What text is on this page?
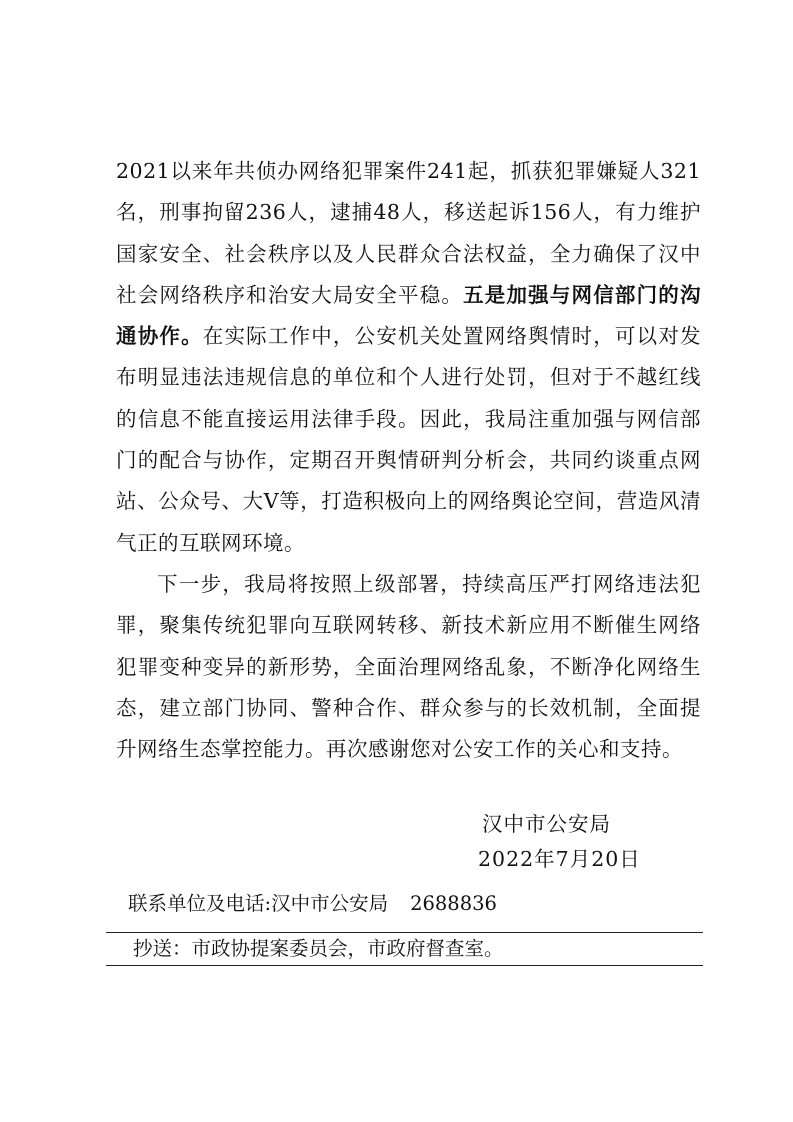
2021以来年共侦办网络犯罪案件241起，抓获犯罪嫌疑人321名，刑事拘留236人，逮捕48人，移送起诉156人，有力维护国家安全、社会秩序以及人民群众合法权益，全力确保了汉中社会网络秩序和治安大局安全平稳。五是加强与网信部门的沟通协作。在实际工作中，公安机关处置网络舆情时，可以对发布明显违法违规信息的单位和个人进行处罚，但对于不越红线的信息不能直接运用法律手段。因此，我局注重加强与网信部门的配合与协作，定期召开舆情研判分析会，共同约谈重点网站、公众号、大V等，打造积极向上的网络舆论空间，营造风清气正的互联网环境。

下一步，我局将按照上级部署，持续高压严打网络违法犯罪，聚集传统犯罪向互联网转移、新技术新应用不断催生网络犯罪变种变异的新形势，全面治理网络乱象，不断净化网络生态，建立部门协同、警种合作、群众参与的长效机制，全面提升网络生态掌控能力。再次感谢您对公安工作的关心和支持。

汉中市公安局
2022年7月20日
联系单位及电话:汉中市公安局 2688836
抄送：市政协提案委员会，市政府督查室。
